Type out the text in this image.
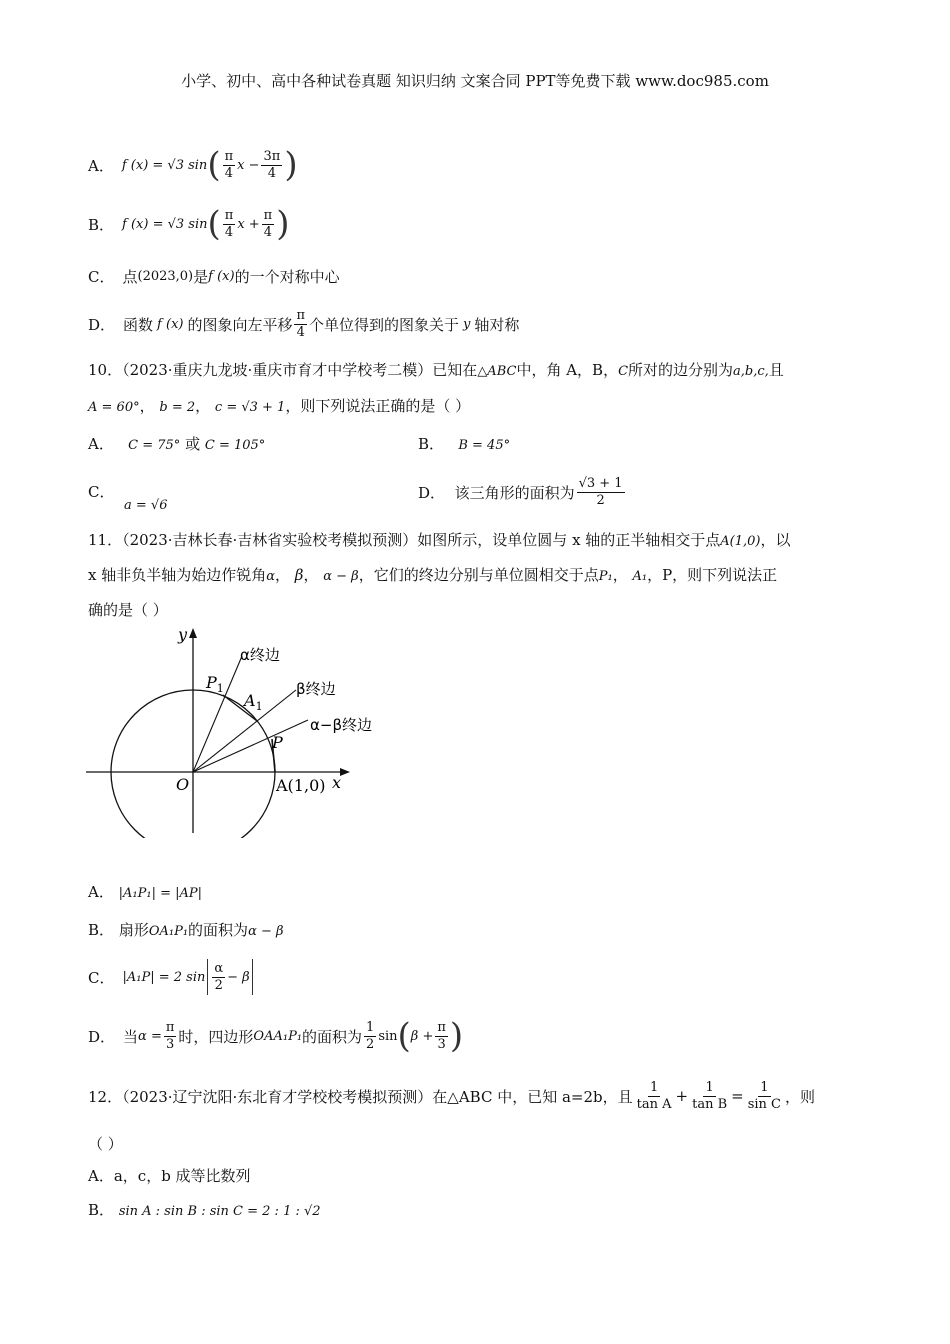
小学、初中、高中各种试卷真题 知识归纳 文案合同 PPT等免费下载 www.doc985.com
A． f (x) = √3 sin ( $\frac{\pi}{4}$ $x - \frac{3\pi}{4}$ )
B． f (x) = √3 sin ( $\frac{\pi}{4}$ $x + \frac{\pi}{4}$ )
C． 点 (2023,0) 是 f (x) 的一个对称中心
D． 函数 f (x) 的图象向左平移 $\frac{\pi}{4}$ 个单位得到的图象关于 y 轴对称
10．（2023·重庆九龙坡·重庆市育才中学校考二模）已知在△ABC中，角 A，B，C所对的边分别为a,b,c,且
A = 60°， b = 2， c = √3 + 1，则下列说法正确的是（ ）
A． C = 75° 或 C = 105°	B． B = 45°
C．
a = √6
D．
该三角形的面积为 $\frac{√3 + 1}{2}$
11．（2023·吉林长春·吉林省实验校考模拟预测）如图所示，设单位圆与 x 轴的正半轴相交于点A(1,0)，以
x 轴非负半轴为始边作锐角α， β， α − β，它们的终边分别与单位圆相交于点P₁， A₁，P，则下列说法正
确的是（ ）
y
x
O	A(1,0)
$P_1$
$A_1$
P
α终边
β终边
α−β终边
A． |A₁P₁| = |AP|
B． 扇形OA₁P₁的面积为α − β
C． |A₁P| = 2 $\sin \frac{\alpha}{2} - \beta$
D． 当 $\alpha = \frac{\pi}{3}$ 时，四边形 OAA₁P₁ 的面积为 $\frac{1}{2}$ sin ( $\beta + \frac{\pi}{3}$ )
12．（2023·辽宁沈阳·东北育才学校校考模拟预测）在△ABC 中，已知 a=2b，且 $\frac{1}{\text{tan A}} + \frac{1}{\text{tan B}} = \frac{1}{\text{sin C}}$ ，则
（ ）
A．a，c，b 成等比数列
B． sin A : sin B : sin C = 2 : 1 : √2
